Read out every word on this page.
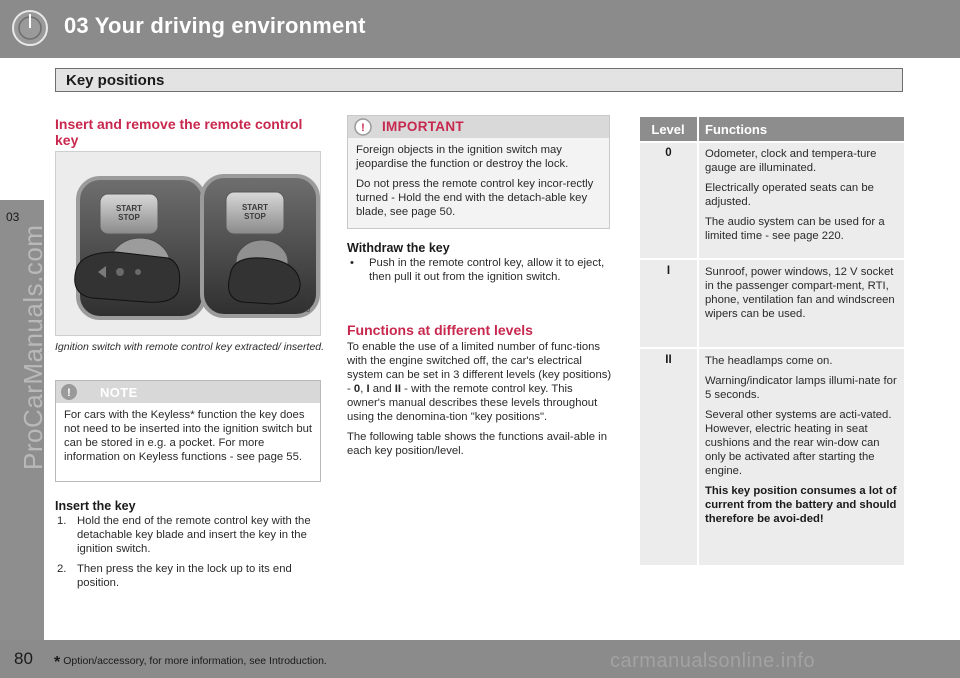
03 Your driving environment
Key positions
03
ProCarManuals.com
Insert and remove the remote control key
START
STOP
START
STOP
G045186
Ignition switch with remote control key extracted/ inserted.
! NOTE
For cars with the Keyless* function the key does not need to be inserted into the ignition switch but can be stored in e.g. a pocket. For more information on Keyless functions - see page 55.
Insert the key
1. Hold the end of the remote control key with the detachable key blade and insert the key in the ignition switch.
2. Then press the key in the lock up to its end position.
! IMPORTANT
Foreign objects in the ignition switch may jeopardise the function or destroy the lock.
Do not press the remote control key incor-rectly turned - Hold the end with the detach-able key blade, see page 50.
Withdraw the key
• Push in the remote control key, allow it to eject, then pull it out from the ignition switch.
Functions at different levels
To enable the use of a limited number of func-tions with the engine switched off, the car's electrical system can be set in 3 different levels (key positions) - 0, I and II - with the remote control key. This owner's manual describes these levels throughout using the denomina-tion "key positions".
The following table shows the functions avail-able in each key position/level.
Level	Functions
0	Odometer, clock and tempera-ture gauge are illuminated.
Electrically operated seats can be adjusted.
The audio system can be used for a limited time - see page 220.
I	Sunroof, power windows, 12 V socket in the passenger compart-ment, RTI, phone, ventilation fan and windscreen wipers can be used.
II	The headlamps come on.
Warning/indicator lamps illumi-nate for 5 seconds.
Several other systems are acti-vated. However, electric heating in seat cushions and the rear win-dow can only be activated after starting the engine.
This key position consumes a lot of current from the battery and should therefore be avoi-ded!
80 * Option/accessory, for more information, see Introduction.	carmanualsonline.info
